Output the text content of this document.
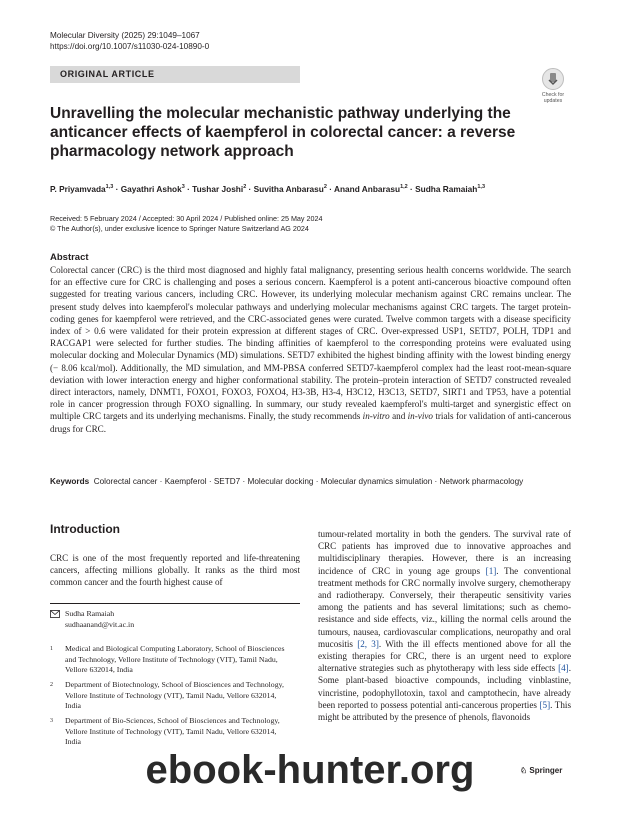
Molecular Diversity (2025) 29:1049–1067
https://doi.org/10.1007/s11030-024-10890-0
ORIGINAL ARTICLE
Check for updates
Unravelling the molecular mechanistic pathway underlying the anticancer effects of kaempferol in colorectal cancer: a reverse pharmacology network approach
P. Priyamvada$^{1,3}$ · Gayathri Ashok$^3$ · Tushar Joshi$^2$ · Suvitha Anbarasu$^2$ · Anand Anbarasu$^{1,2}$ · Sudha Ramaiah$^{1,3}$
Received: 5 February 2024 / Accepted: 30 April 2024 / Published online: 25 May 2024
© The Author(s), under exclusive licence to Springer Nature Switzerland AG 2024
Abstract
Colorectal cancer (CRC) is the third most diagnosed and highly fatal malignancy, presenting serious health concerns worldwide. The search for an effective cure for CRC is challenging and poses a serious concern. Kaempferol is a potent anti-cancerous bioactive compound often suggested for treating various cancers, including CRC. However, its underlying molecular mechanism against CRC remains unclear. The present study delves into kaempferol's molecular pathways and underlying molecular mechanisms against CRC targets. The target protein-coding genes for kaempferol were retrieved, and the CRC-associated genes were curated. Twelve common targets with a disease specificity index of > 0.6 were validated for their protein expression at different stages of CRC. Over-expressed USP1, SETD7, POLH, TDP1 and RACGAP1 were selected for further studies. The binding affinities of kaempferol to the corresponding proteins were evaluated using molecular docking and Molecular Dynamics (MD) simulations. SETD7 exhibited the highest binding affinity with the lowest binding energy (− 8.06 kcal/mol). Additionally, the MD simulation, and MM-PBSA conferred SETD7-kaempferol complex had the least root-mean-square deviation with lower interaction energy and higher conformational stability. The protein–protein interaction of SETD7 constructed revealed direct interactors, namely, DNMT1, FOXO1, FOXO3, FOXO4, H3-3B, H3-4, H3C12, H3C13, SETD7, SIRT1 and TP53, have a potential role in cancer progression through FOXO signalling. In summary, our study revealed kaempferol's multi-target and synergistic effect on multiple CRC targets and its underlying mechanisms. Finally, the study recommends in-vitro and in-vivo trials for validation of anti-cancerous drugs for CRC.
Keywords Colorectal cancer · Kaempferol · SETD7 · Molecular docking · Molecular dynamics simulation · Network pharmacology
Introduction
CRC is one of the most frequently reported and life-threatening cancers, affecting millions globally. It ranks as the third most common cancer and the fourth highest cause of
tumour-related mortality in both the genders. The survival rate of CRC patients has improved due to innovative approaches and multidisciplinary therapies. However, there is an increasing incidence of CRC in young age groups [1]. The conventional treatment methods for CRC normally involve surgery, chemotherapy and radiotherapy. Conversely, their therapeutic sensitivity varies among the patients and has several limitations; such as chemo-resistance and side effects, viz., killing the normal cells around the tumours, nausea, cardiovascular complications, neuropathy and oral mucositis [2, 3]. With the ill effects mentioned above for all the existing therapies for CRC, there is an urgent need to explore alternative strategies such as phytotherapy with less side effects [4]. Some plant-based bioactive compounds, including vinblastine, vincristine, podophyllotoxin, taxol and camptothecin, have already been reported to possess potential anti-cancerous properties [5]. This might be attributed by the presence of phenols, flavonoids
Sudha Ramaiah
sudhaanand@vit.ac.in
1 Medical and Biological Computing Laboratory, School of Biosciences and Technology, Vellore Institute of Technology (VIT), Tamil Nadu, Vellore 632014, India
2 Department of Biotechnology, School of Biosciences and Technology, Vellore Institute of Technology (VIT), Tamil Nadu, Vellore 632014, India
3 Department of Bio-Sciences, School of Biosciences and Technology, Vellore Institute of Technology (VIT), Tamil Nadu, Vellore 632014, India
ebook-hunter.org	♘ Springer
